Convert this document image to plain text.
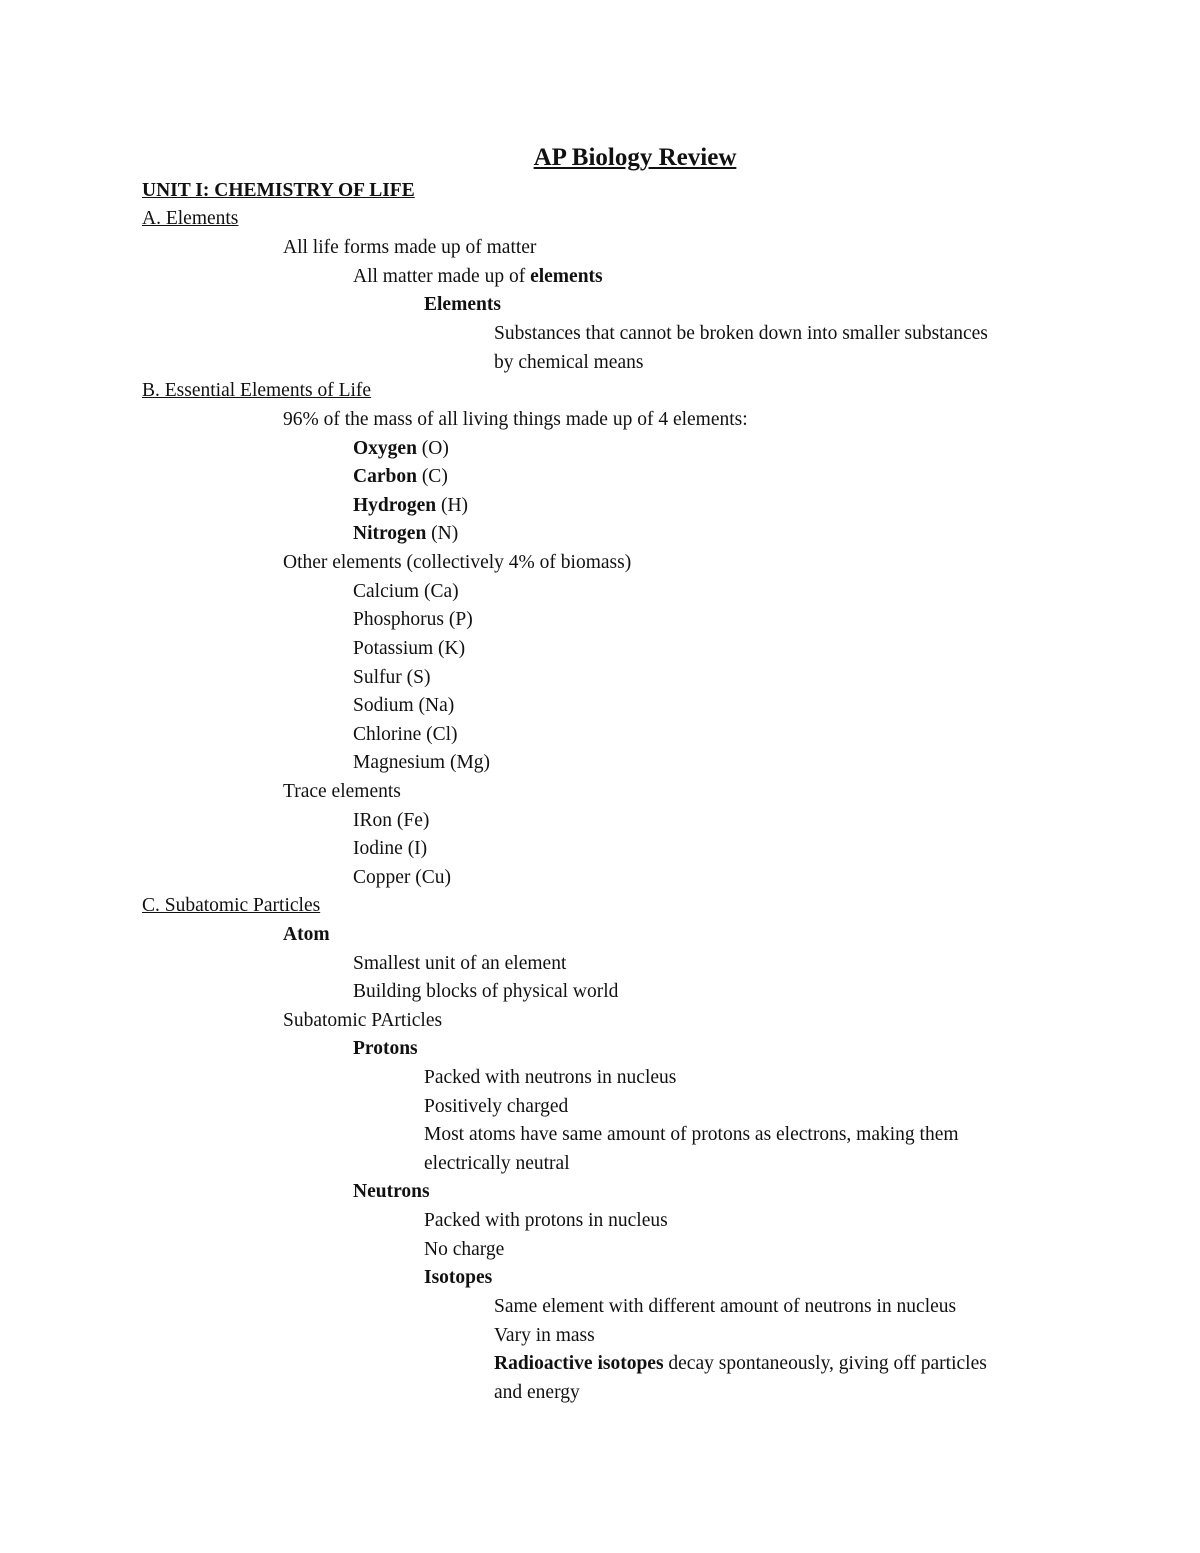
AP Biology Review
UNIT I: CHEMISTRY OF LIFE
A. Elements
All life forms made up of matter
All matter made up of elements
Elements
Substances that cannot be broken down into smaller substances
by chemical means
B. Essential Elements of Life
96% of the mass of all living things made up of 4 elements:
Oxygen (O)
Carbon (C)
Hydrogen (H)
Nitrogen (N)
Other elements (collectively 4% of biomass)
Calcium (Ca)
Phosphorus (P)
Potassium (K)
Sulfur (S)
Sodium (Na)
Chlorine (Cl)
Magnesium (Mg)
Trace elements
IRon (Fe)
Iodine (I)
Copper (Cu)
C. Subatomic Particles
Atom
Smallest unit of an element
Building blocks of physical world
Subatomic PArticles
Protons
Packed with neutrons in nucleus
Positively charged
Most atoms have same amount of protons as electrons, making them
electrically neutral
Neutrons
Packed with protons in nucleus
No charge
Isotopes
Same element with different amount of neutrons in nucleus
Vary in mass
Radioactive isotopes decay spontaneously, giving off particles
and energy
